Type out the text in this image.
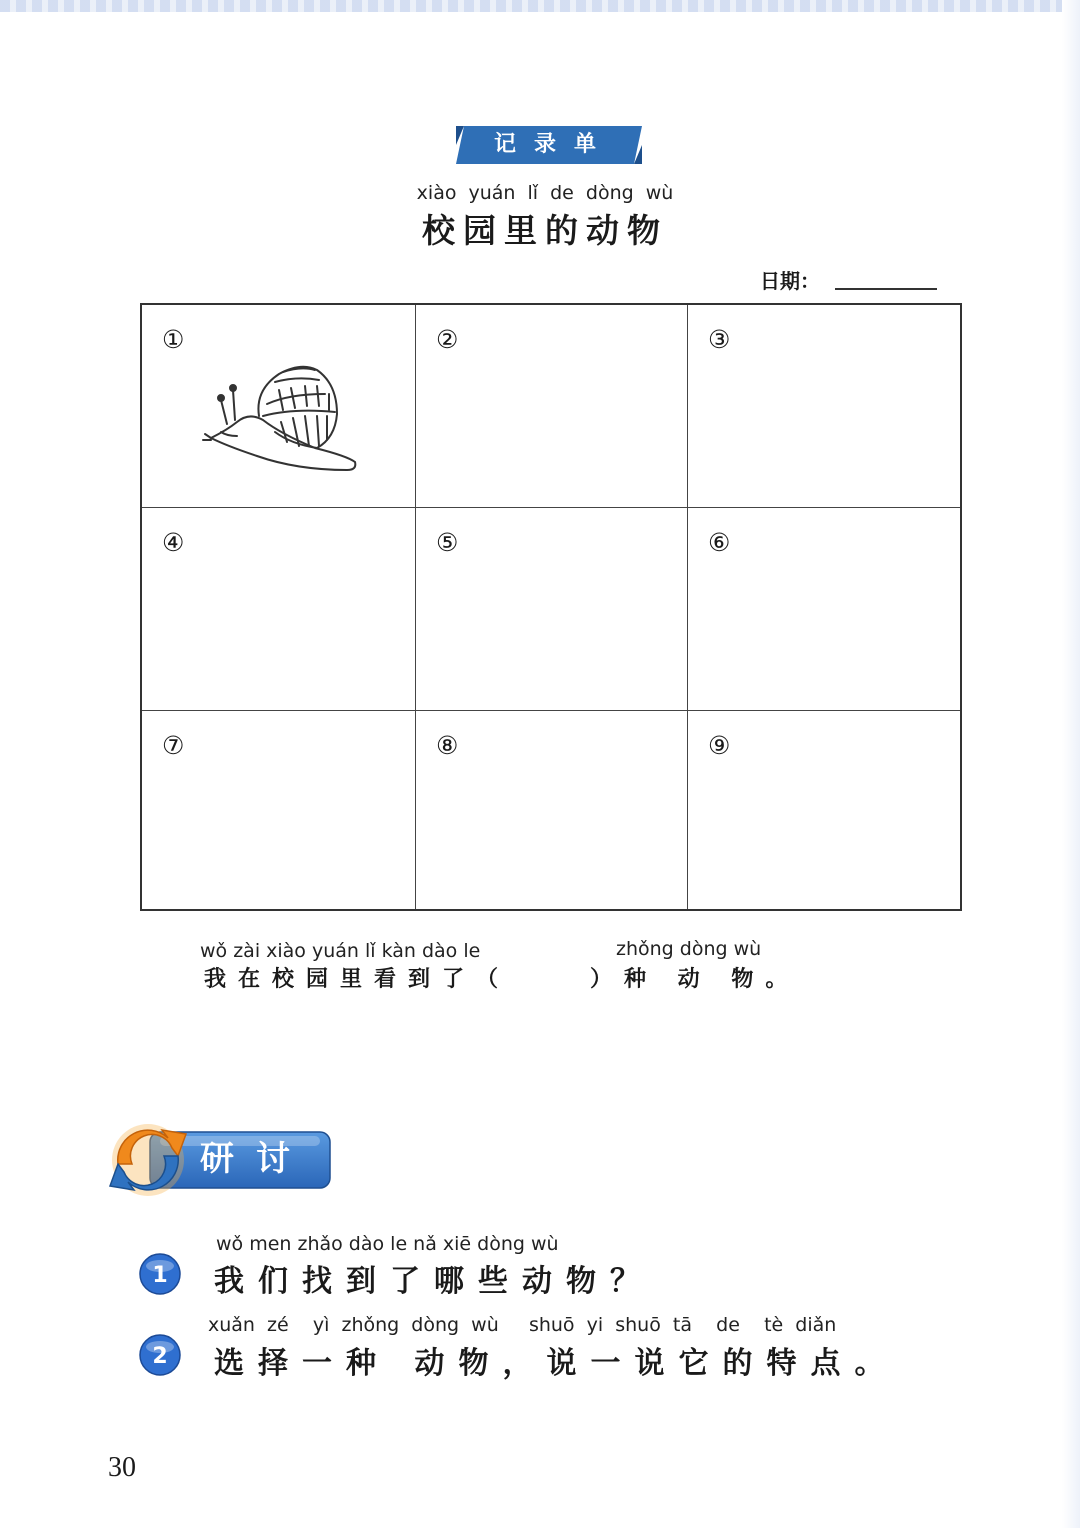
记录单
xiào yuán lǐ de dòng wù
校园里的动物
日期：
①	②	③
④	⑤	⑥
⑦	⑧	⑨
wǒ zài xiào yuán lǐ kàn dào le	zhǒng dòng wù
我在校园里看到了（	）种 动 物。
研讨
1
wǒ men zhǎo dào le nǎ xiē dòng wù
我们找到了哪些动物？
2
xuǎn  zé    yì  zhǒng  dòng  wù     shuō  yi  shuō  tā    de    tè  diǎn
选择一种 动物，说一说它的特点。
30
